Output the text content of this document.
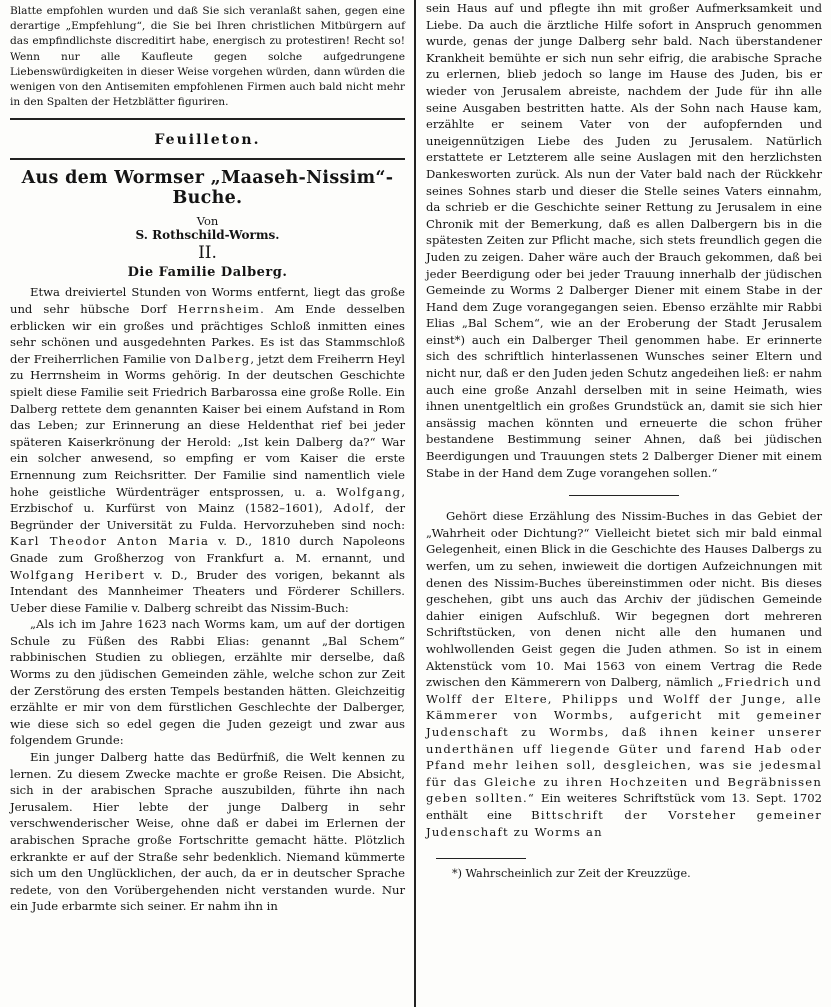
Blatte empfohlen wurden und daß Sie sich veranlaßt sahen, gegen eine derartige „Empfehlung“, die Sie bei Ihren christlichen Mitbürgern auf das empfindlichste discreditirt habe, energisch zu protestiren! Recht so! Wenn nur alle Kaufleute gegen solche aufgedrungene Liebenswürdigkeiten in dieser Weise vorgehen würden, dann würden die wenigen von den Antisemiten empfohlenen Firmen auch bald nicht mehr in den Spalten der Hetzblätter figuriren.

Feuilleton.
Aus dem Wormser „Maaseh-Nissim“-Buche.
Von
S. Rothschild-Worms.
II.
Die Familie Dalberg.

Etwa dreiviertel Stunden von Worms entfernt, liegt das große und sehr hübsche Dorf Herrnsheim. Am Ende desselben erblicken wir ein großes und prächtiges Schloß inmitten eines sehr schönen und ausgedehnten Parkes. Es ist das Stammschloß der Freiherrlichen Familie von Dalberg, jetzt dem Freiherrn Heyl zu Herrnsheim in Worms gehörig. In der deutschen Geschichte spielt diese Familie seit Friedrich Barbarossa eine große Rolle. Ein Dalberg rettete dem genannten Kaiser bei einem Aufstand in Rom das Leben; zur Erinnerung an diese Heldenthat rief bei jeder späteren Kaiserkrönung der Herold: „Ist kein Dalberg da?“ War ein solcher anwesend, so empfing er vom Kaiser die erste Ernennung zum Reichsritter. Der Familie sind namentlich viele hohe geistliche Würdenträger entsprossen, u. a. Wolfgang, Erzbischof u. Kurfürst von Mainz (1582–1601), Adolf, der Begründer der Universität zu Fulda. Hervorzuheben sind noch: Karl Theodor Anton Maria v. D., 1810 durch Napoleons Gnade zum Großherzog von Frankfurt a. M. ernannt, und Wolfgang Heribert v. D., Bruder des vorigen, bekannt als Intendant des Mannheimer Theaters und Förderer Schillers. Ueber diese Familie v. Dalberg schreibt das Nissim-Buch:

„Als ich im Jahre 1623 nach Worms kam, um auf der dortigen Schule zu Füßen des Rabbi Elias: genannt „Bal Schem“ rabbinischen Studien zu obliegen, erzählte mir derselbe, daß Worms zu den jüdischen Gemeinden zähle, welche schon zur Zeit der Zerstörung des ersten Tempels bestanden hätten. Gleichzeitig erzählte er mir von dem fürstlichen Geschlechte der Dalberger, wie diese sich so edel gegen die Juden gezeigt und zwar aus folgendem Grunde:

Ein junger Dalberg hatte das Bedürfniß, die Welt kennen zu lernen. Zu diesem Zwecke machte er große Reisen. Die Absicht, sich in der arabischen Sprache auszubilden, führte ihn nach Jerusalem. Hier lebte der junge Dalberg in sehr verschwenderischer Weise, ohne daß er dabei im Erlernen der arabischen Sprache große Fortschritte gemacht hätte. Plötzlich erkrankte er auf der Straße sehr bedenklich. Niemand kümmerte sich um den Unglücklichen, der auch, da er in deutscher Sprache redete, von den Vorübergehenden nicht verstanden wurde. Nur ein Jude erbarmte sich seiner. Er nahm ihn in

sein Haus auf und pflegte ihn mit großer Aufmerksamkeit und Liebe. Da auch die ärztliche Hilfe sofort in Anspruch genommen wurde, genas der junge Dalberg sehr bald. Nach überstandener Krankheit bemühte er sich nun sehr eifrig, die arabische Sprache zu erlernen, blieb jedoch so lange im Hause des Juden, bis er wieder von Jerusalem abreiste, nachdem der Jude für ihn alle seine Ausgaben bestritten hatte. Als der Sohn nach Hause kam, erzählte er seinem Vater von der aufopfernden und uneigennützigen Liebe des Juden zu Jerusalem. Natürlich erstattete er Letzterem alle seine Auslagen mit den herzlichsten Dankesworten zurück. Als nun der Vater bald nach der Rückkehr seines Sohnes starb und dieser die Stelle seines Vaters einnahm, da schrieb er die Geschichte seiner Rettung zu Jerusalem in eine Chronik mit der Bemerkung, daß es allen Dalbergern bis in die spätesten Zeiten zur Pflicht mache, sich stets freundlich gegen die Juden zu zeigen. Daher wäre auch der Brauch gekommen, daß bei jeder Beerdigung oder bei jeder Trauung innerhalb der jüdischen Gemeinde zu Worms 2 Dalberger Diener mit einem Stabe in der Hand dem Zuge vorangegangen seien. Ebenso erzählte mir Rabbi Elias „Bal Schem“, wie an der Eroberung der Stadt Jerusalem einst*) auch ein Dalberger Theil genommen habe. Er erinnerte sich des schriftlich hinterlassenen Wunsches seiner Eltern und nicht nur, daß er den Juden jeden Schutz angedeihen ließ: er nahm auch eine große Anzahl derselben mit in seine Heimath, wies ihnen unentgeltlich ein großes Grundstück an, damit sie sich hier ansässig machen könnten und erneuerte die schon früher bestandene Bestimmung seiner Ahnen, daß bei jüdischen Beerdigungen und Trauungen stets 2 Dalberger Diener mit einem Stabe in der Hand dem Zuge vorangehen sollen.“

Gehört diese Erzählung des Nissim-Buches in das Gebiet der „Wahrheit oder Dichtung?“ Vielleicht bietet sich mir bald einmal Gelegenheit, einen Blick in die Geschichte des Hauses Dalbergs zu werfen, um zu sehen, inwieweit die dortigen Aufzeichnungen mit denen des Nissim-Buches übereinstimmen oder nicht. Bis dieses geschehen, gibt uns auch das Archiv der jüdischen Gemeinde dahier einigen Aufschluß. Wir begegnen dort mehreren Schriftstücken, von denen nicht alle den humanen und wohlwollenden Geist gegen die Juden athmen. So ist in einem Aktenstück vom 10. Mai 1563 von einem Vertrag die Rede zwischen den Kämmerern von Dalberg, nämlich „Friedrich und Wolff der Eltere, Philipps und Wolff der Junge, alle Kämmerer von Wormbs, aufgericht mit gemeiner Judenschaft zu Wormbs, daß ihnen keiner unserer underthänen uff liegende Güter und farend Hab oder Pfand mehr leihen soll, desgleichen, was sie jedesmal für das Gleiche zu ihren Hochzeiten und Begräbnissen geben sollten.“ Ein weiteres Schriftstück vom 13. Sept. 1702 enthält eine Bittschrift der Vorsteher gemeiner Judenschaft zu Worms an

*) Wahrscheinlich zur Zeit der Kreuzzüge.
